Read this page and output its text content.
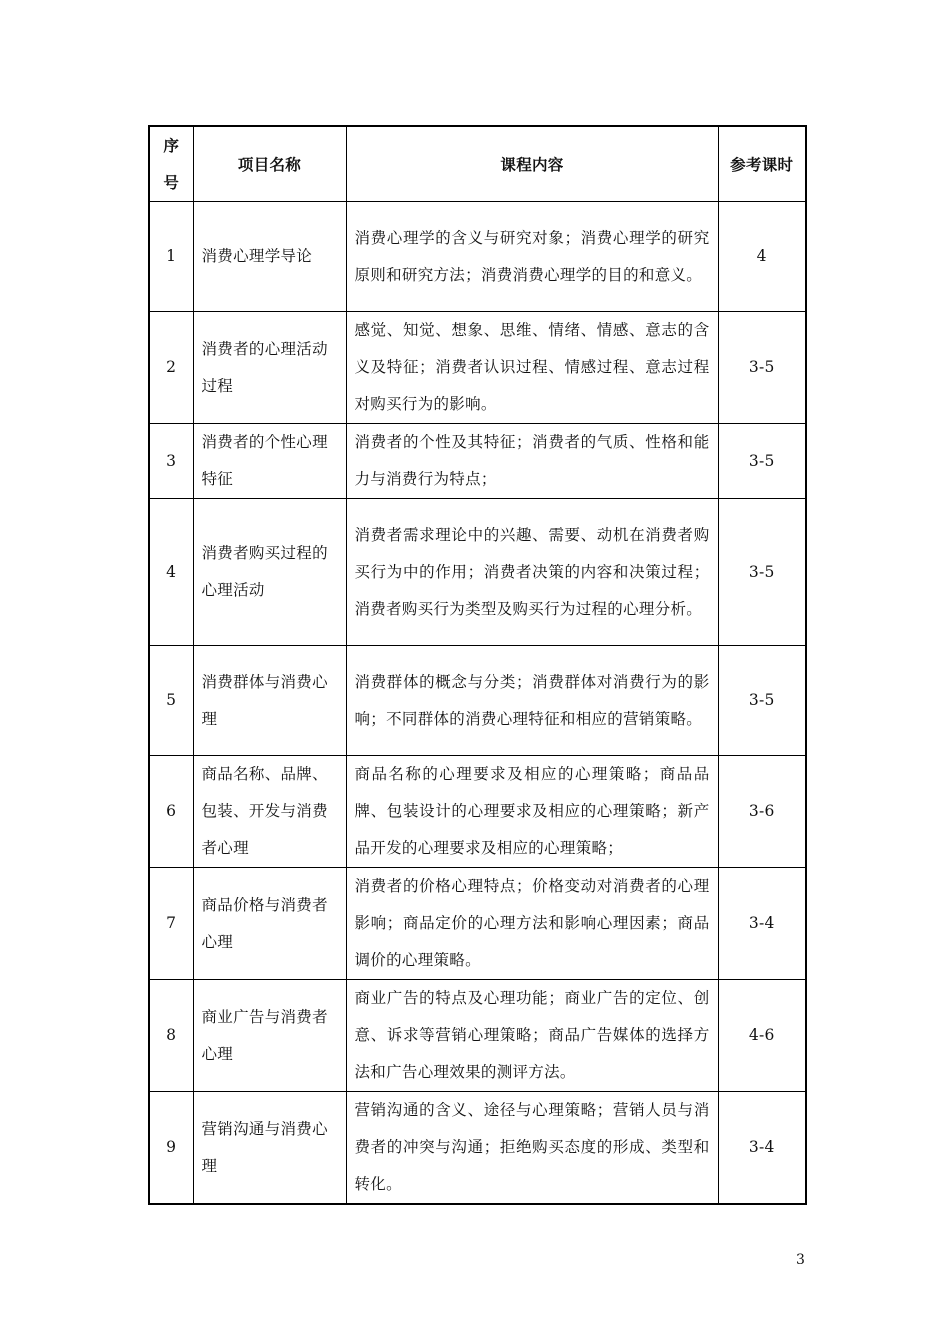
序号	项目名称	课程内容	参考课时
1	消费心理学导论	消费心理学的含义与研究对象；消费心理学的研究原则和研究方法；消费消费心理学的目的和意义。	4
2	消费者的心理活动过程	感觉、知觉、想象、思维、情绪、情感、意志的含义及特征；消费者认识过程、情感过程、意志过程对购买行为的影响。	3-5
3	消费者的个性心理特征	消费者的个性及其特征；消费者的气质、性格和能力与消费行为特点；	3-5
4	消费者购买过程的心理活动	消费者需求理论中的兴趣、需要、动机在消费者购买行为中的作用；消费者决策的内容和决策过程；消费者购买行为类型及购买行为过程的心理分析。	3-5
5	消费群体与消费心理	消费群体的概念与分类；消费群体对消费行为的影响；不同群体的消费心理特征和相应的营销策略。	3-5
6	商品名称、品牌、包装、开发与消费者心理	商品名称的心理要求及相应的心理策略；商品品牌、包装设计的心理要求及相应的心理策略；新产品开发的心理要求及相应的心理策略；	3-6
7	商品价格与消费者心理	消费者的价格心理特点；价格变动对消费者的心理影响；商品定价的心理方法和影响心理因素；商品调价的心理策略。	3-4
8	商业广告与消费者心理	商业广告的特点及心理功能；商业广告的定位、创意、诉求等营销心理策略；商品广告媒体的选择方法和广告心理效果的测评方法。	4-6
9	营销沟通与消费心理	营销沟通的含义、途径与心理策略；营销人员与消费者的冲突与沟通；拒绝购买态度的形成、类型和转化。	3-4
3
